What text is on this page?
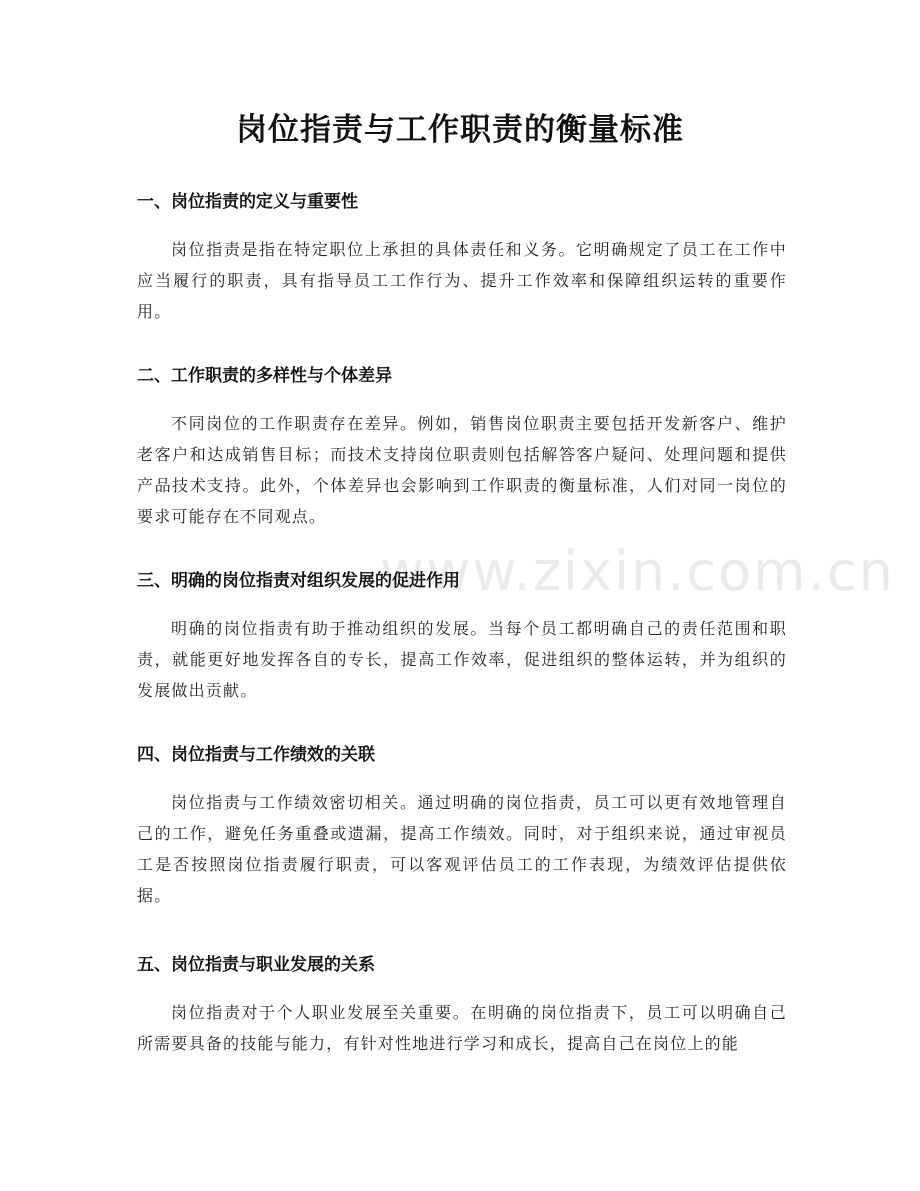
www.zixin.com.cn
岗位指责与工作职责的衡量标准
一、岗位指责的定义与重要性

岗位指责是指在特定职位上承担的具体责任和义务。它明确规定了员工在工作中应当履行的职责，具有指导员工工作行为、提升工作效率和保障组织运转的重要作用。

二、工作职责的多样性与个体差异

不同岗位的工作职责存在差异。例如，销售岗位职责主要包括开发新客户、维护老客户和达成销售目标；而技术支持岗位职责则包括解答客户疑问、处理问题和提供产品技术支持。此外，个体差异也会影响到工作职责的衡量标准，人们对同一岗位的要求可能存在不同观点。

三、明确的岗位指责对组织发展的促进作用

明确的岗位指责有助于推动组织的发展。当每个员工都明确自己的责任范围和职责，就能更好地发挥各自的专长，提高工作效率，促进组织的整体运转，并为组织的发展做出贡献。

四、岗位指责与工作绩效的关联

岗位指责与工作绩效密切相关。通过明确的岗位指责，员工可以更有效地管理自己的工作，避免任务重叠或遗漏，提高工作绩效。同时，对于组织来说，通过审视员工是否按照岗位指责履行职责，可以客观评估员工的工作表现，为绩效评估提供依据。

五、岗位指责与职业发展的关系

岗位指责对于个人职业发展至关重要。在明确的岗位指责下，员工可以明确自己所需要具备的技能与能力，有针对性地进行学习和成长，提高自己在岗位上的能
